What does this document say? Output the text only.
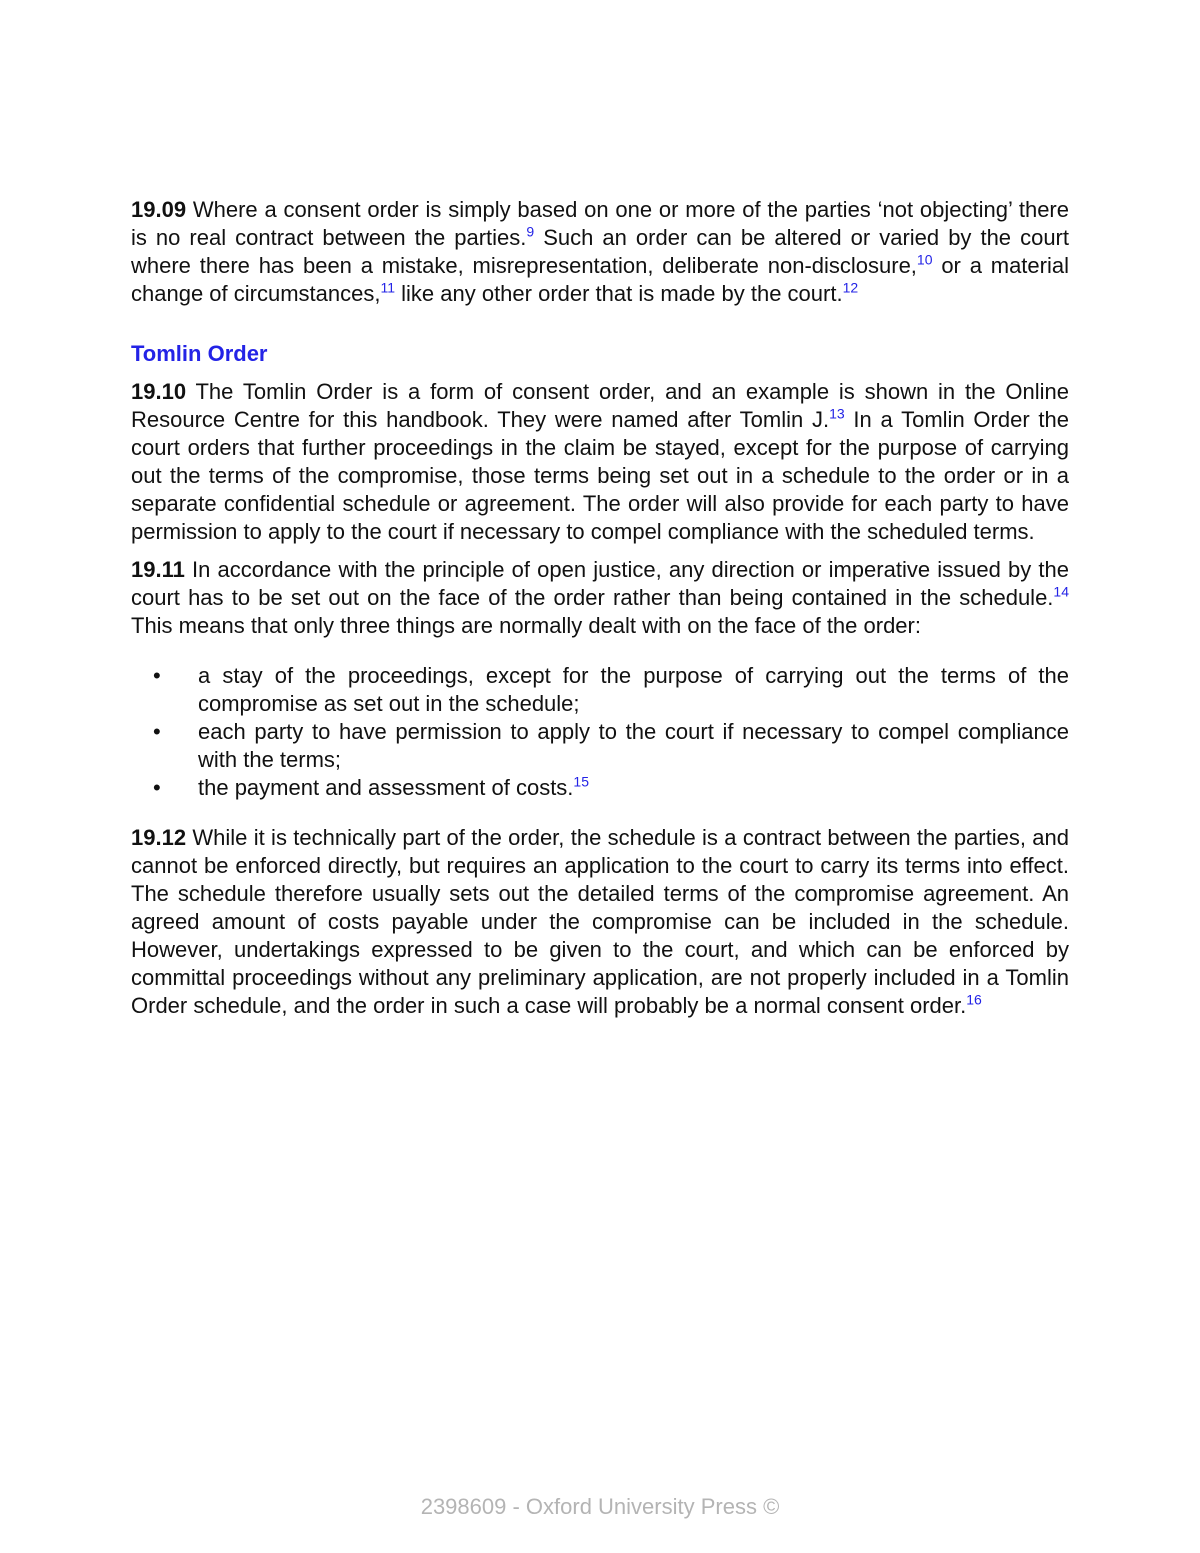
19.09 Where a consent order is simply based on one or more of the parties ‘not objecting’ there is no real contract between the parties.$^9$ Such an order can be altered or varied by the court where there has been a mistake, misrepresentation, deliberate non-disclosure,$^{10}$ or a material change of circumstances,$^{11}$ like any other order that is made by the court.$^{12}$

Tomlin Order

19.10 The Tomlin Order is a form of consent order, and an example is shown in the Online Resource Centre for this handbook. They were named after Tomlin J.$^{13}$ In a Tomlin Order the court orders that further proceedings in the claim be stayed, except for the purpose of carrying out the terms of the compromise, those terms being set out in a schedule to the order or in a separate confidential schedule or agreement. The order will also provide for each party to have permission to apply to the court if necessary to compel compliance with the scheduled terms.

19.11 In accordance with the principle of open justice, any direction or imperative issued by the court has to be set out on the face of the order rather than being contained in the schedule.$^{14}$ This means that only three things are normally dealt with on the face of the order:

• a stay of the proceedings, except for the purpose of carrying out the terms of the compromise as set out in the schedule;
• each party to have permission to apply to the court if necessary to compel compliance with the terms;
• the payment and assessment of costs.$^{15}$

19.12 While it is technically part of the order, the schedule is a contract between the parties, and cannot be enforced directly, but requires an application to the court to carry its terms into effect. The schedule therefore usually sets out the detailed terms of the compromise agreement. An agreed amount of costs payable under the compromise can be included in the schedule. However, undertakings expressed to be given to the court, and which can be enforced by committal proceedings without any preliminary application, are not properly included in a Tomlin Order schedule, and the order in such a case will probably be a normal consent order.$^{16}$

2398609 - Oxford University Press ©
